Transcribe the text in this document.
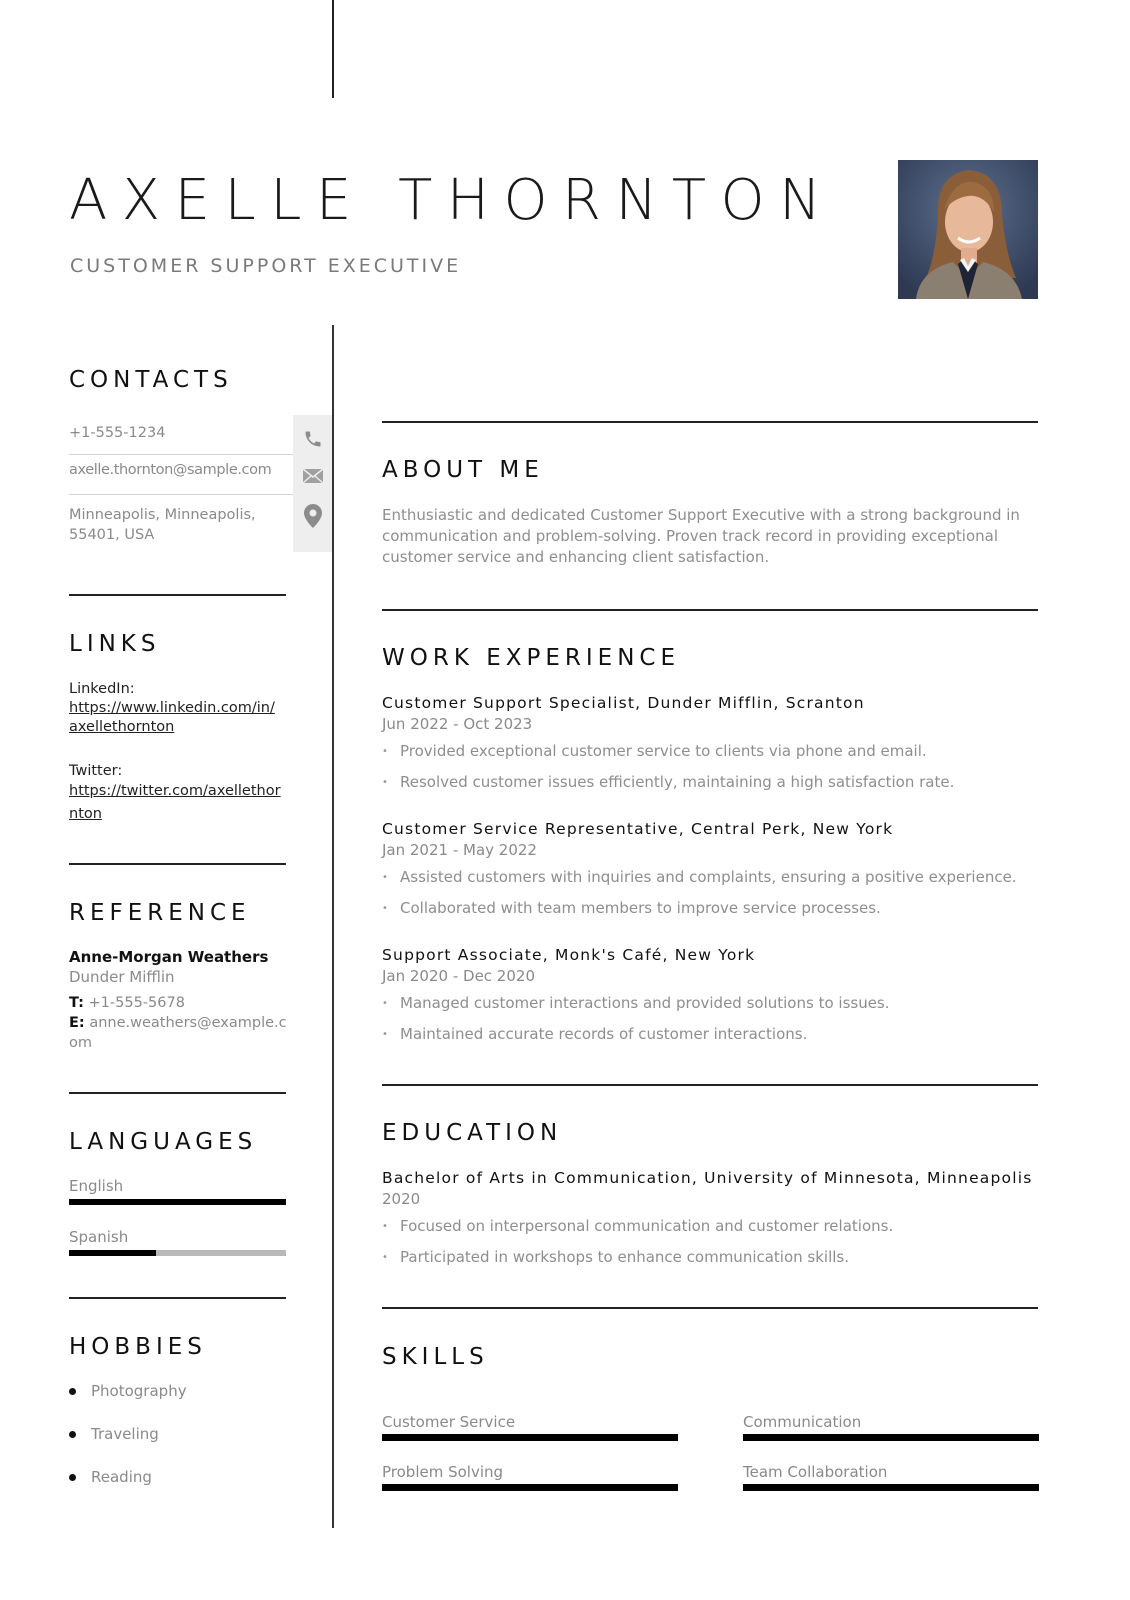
AXELLE THORNTON
CUSTOMER SUPPORT EXECUTIVE
CONTACTS
+1-555-1234
axelle.thornton@sample.com
Minneapolis, Minneapolis, 55401, USA
LINKS
LinkedIn:
https://www.linkedin.com/in/axellethornton
Twitter:
https://twitter.com/axellethornton
REFERENCE
Anne-Morgan Weathers
Dunder Mifflin
T: +1-555-5678
E: anne.weathers@example.com
LANGUAGES
English
Spanish
HOBBIES
Photography
Traveling
Reading
ABOUT ME
Enthusiastic and dedicated Customer Support Executive with a strong background in communication and problem-solving. Proven track record in providing exceptional customer service and enhancing client satisfaction.
WORK EXPERIENCE
Customer Support Specialist, Dunder Mifflin, Scranton
Jun 2022 - Oct 2023
• Provided exceptional customer service to clients via phone and email.
• Resolved customer issues efficiently, maintaining a high satisfaction rate.
Customer Service Representative, Central Perk, New York
Jan 2021 - May 2022
• Assisted customers with inquiries and complaints, ensuring a positive experience.
• Collaborated with team members to improve service processes.
Support Associate, Monk's Café, New York
Jan 2020 - Dec 2020
• Managed customer interactions and provided solutions to issues.
• Maintained accurate records of customer interactions.
EDUCATION
Bachelor of Arts in Communication, University of Minnesota, Minneapolis
2020
• Focused on interpersonal communication and customer relations.
• Participated in workshops to enhance communication skills.
SKILLS
Customer Service	Communication
Problem Solving	Team Collaboration
